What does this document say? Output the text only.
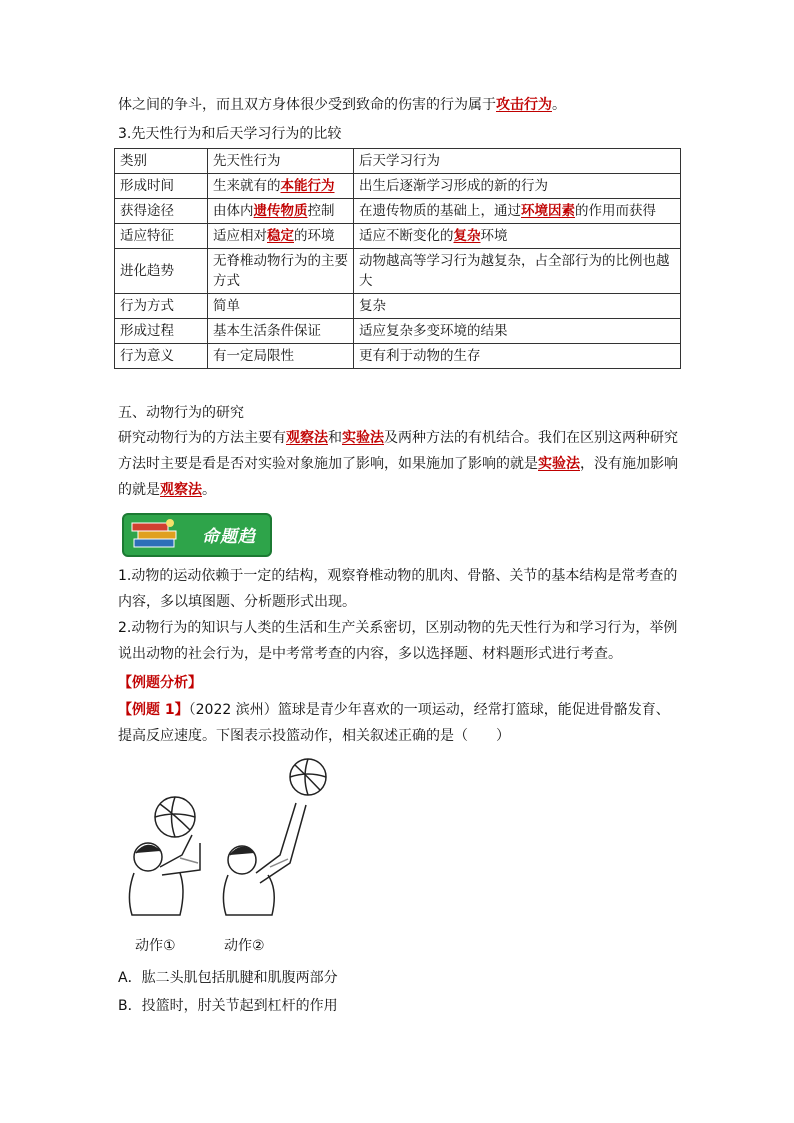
体之间的争斗，而且双方身体很少受到致命的伤害的行为属于攻击行为。
3.先天性行为和后天学习行为的比较
类别	先天性行为	后天学习行为
形成时间	生来就有的本能行为	出生后逐渐学习形成的新的行为
获得途径	由体内遗传物质控制	在遗传物质的基础上，通过环境因素的作用而获得
适应特征	适应相对稳定的环境	适应不断变化的复杂环境
进化趋势	无脊椎动物行为的主要方式	动物越高等学习行为越复杂，占全部行为的比例也越大
行为方式	简单	复杂
形成过程	基本生活条件保证	适应复杂多变环境的结果
行为意义	有一定局限性	更有利于动物的生存
五、动物行为的研究
研究动物行为的方法主要有观察法和实验法及两种方法的有机结合。我们在区别这两种研究方法时主要是看是否对实验对象施加了影响，如果施加了影响的就是实验法，没有施加影响的就是观察法。
命题趋
1.动物的运动依赖于一定的结构，观察脊椎动物的肌肉、骨骼、关节的基本结构是常考查的内容，多以填图题、分析题形式出现。
2.动物行为的知识与人类的生活和生产关系密切，区别动物的先天性行为和学习行为，举例说出动物的社会行为，是中考常考查的内容，多以选择题、材料题形式进行考查。
【例题分析】
【例题 1】（2022 滨州）篮球是青少年喜欢的一项运动，经常打篮球，能促进骨骼发育、提高反应速度。下图表示投篮动作，相关叙述正确的是（　　）
动作①	动作②
A．肱二头肌包括肌腱和肌腹两部分
B．投篮时，肘关节起到杠杆的作用
